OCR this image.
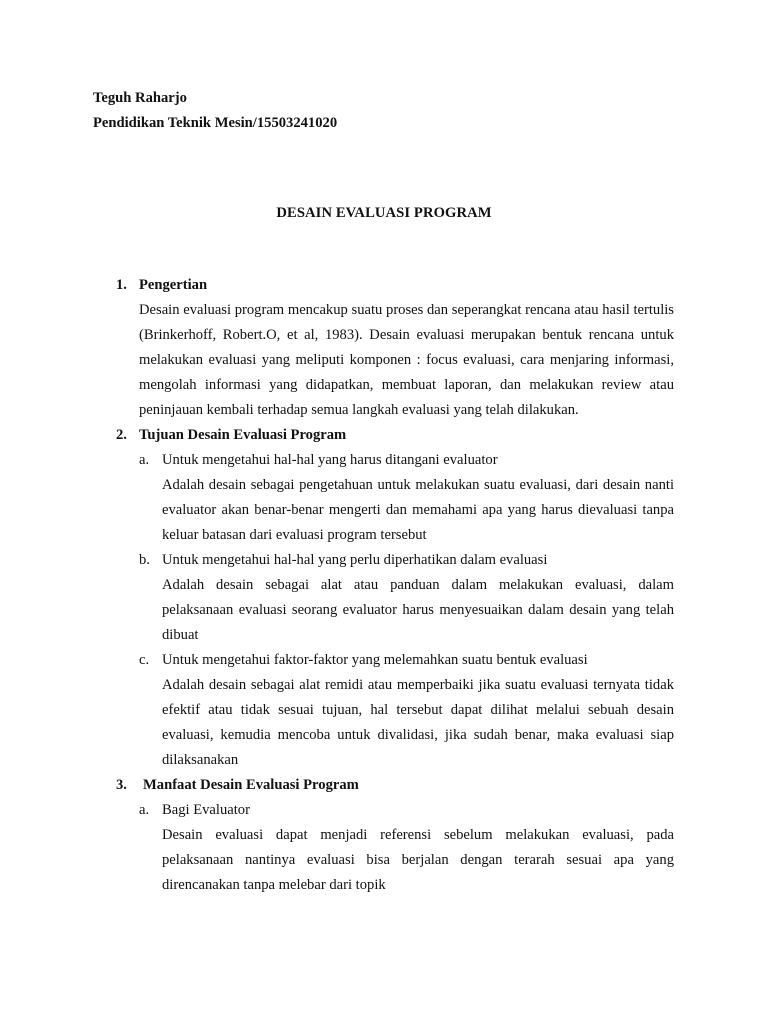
Teguh Raharjo
Pendidikan Teknik Mesin/15503241020
DESAIN EVALUASI PROGRAM
1. Pengertian

Desain evaluasi program mencakup suatu proses dan seperangkat rencana atau hasil tertulis (Brinkerhoff, Robert.O, et al, 1983). Desain evaluasi merupakan bentuk rencana untuk melakukan evaluasi yang meliputi komponen : focus evaluasi, cara menjaring informasi, mengolah informasi yang didapatkan, membuat laporan, dan melakukan review atau peninjauan kembali terhadap semua langkah evaluasi yang telah dilakukan.

2. Tujuan Desain Evaluasi Program
a. Untuk mengetahui hal-hal yang harus ditangani evaluator

Adalah desain sebagai pengetahuan untuk melakukan suatu evaluasi, dari desain nanti evaluator akan benar-benar mengerti dan memahami apa yang harus dievaluasi tanpa keluar batasan dari evaluasi program tersebut

b. Untuk mengetahui hal-hal yang perlu diperhatikan dalam evaluasi

Adalah desain sebagai alat atau panduan dalam melakukan evaluasi, dalam pelaksanaan evaluasi seorang evaluator harus menyesuaikan dalam desain yang telah dibuat

c. Untuk mengetahui faktor-faktor yang melemahkan suatu bentuk evaluasi

Adalah desain sebagai alat remidi atau memperbaiki jika suatu evaluasi ternyata tidak efektif atau tidak sesuai tujuan, hal tersebut dapat dilihat melalui sebuah desain evaluasi, kemudia mencoba untuk divalidasi, jika sudah benar, maka evaluasi siap dilaksanakan

3. Manfaat Desain Evaluasi Program
a. Bagi Evaluator

Desain evaluasi dapat menjadi referensi sebelum melakukan evaluasi, pada pelaksanaan nantinya evaluasi bisa berjalan dengan terarah sesuai apa yang direncanakan tanpa melebar dari topik
